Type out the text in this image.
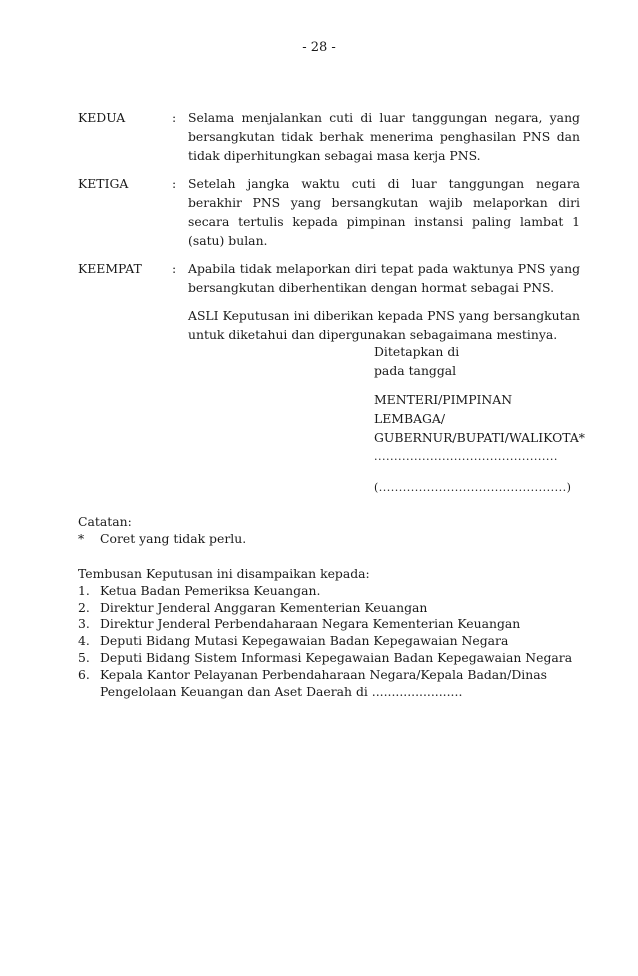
- 28 -
KEDUA	: Selama menjalankan cuti di luar tanggungan negara, yang bersangkutan tidak berhak menerima penghasilan PNS dan tidak diperhitungkan sebagai masa kerja PNS.
KETIGA	: Setelah jangka waktu cuti di luar tanggungan negara berakhir PNS yang bersangkutan wajib melaporkan diri secara tertulis kepada pimpinan instansi paling lambat 1 (satu) bulan.
KEEMPAT	: Apabila tidak melaporkan diri tepat pada waktunya PNS yang bersangkutan diberhentikan dengan hormat sebagai PNS.
ASLI Keputusan ini diberikan kepada PNS yang bersangkutan untuk diketahui dan dipergunakan sebagaimana mestinya.
Ditetapkan di
pada tanggal
MENTERI/PIMPINAN LEMBAGA/
GUBERNUR/BUPATI/WALIKOTA*
..............................................
(...............................................)
Catatan:
*	Coret yang tidak perlu.
Tembusan Keputusan ini disampaikan kepada:
1. Ketua Badan Pemeriksa Keuangan.
2. Direktur Jenderal Anggaran Kementerian Keuangan
3. Direktur Jenderal Perbendaharaan Negara Kementerian Keuangan
4. Deputi Bidang Mutasi Kepegawaian Badan Kepegawaian Negara
5. Deputi Bidang Sistem Informasi Kepegawaian Badan Kepegawaian Negara
6. Kepala Kantor Pelayanan Perbendaharaan Negara/Kepala Badan/Dinas Pengelolaan Keuangan dan Aset Daerah di .......................
